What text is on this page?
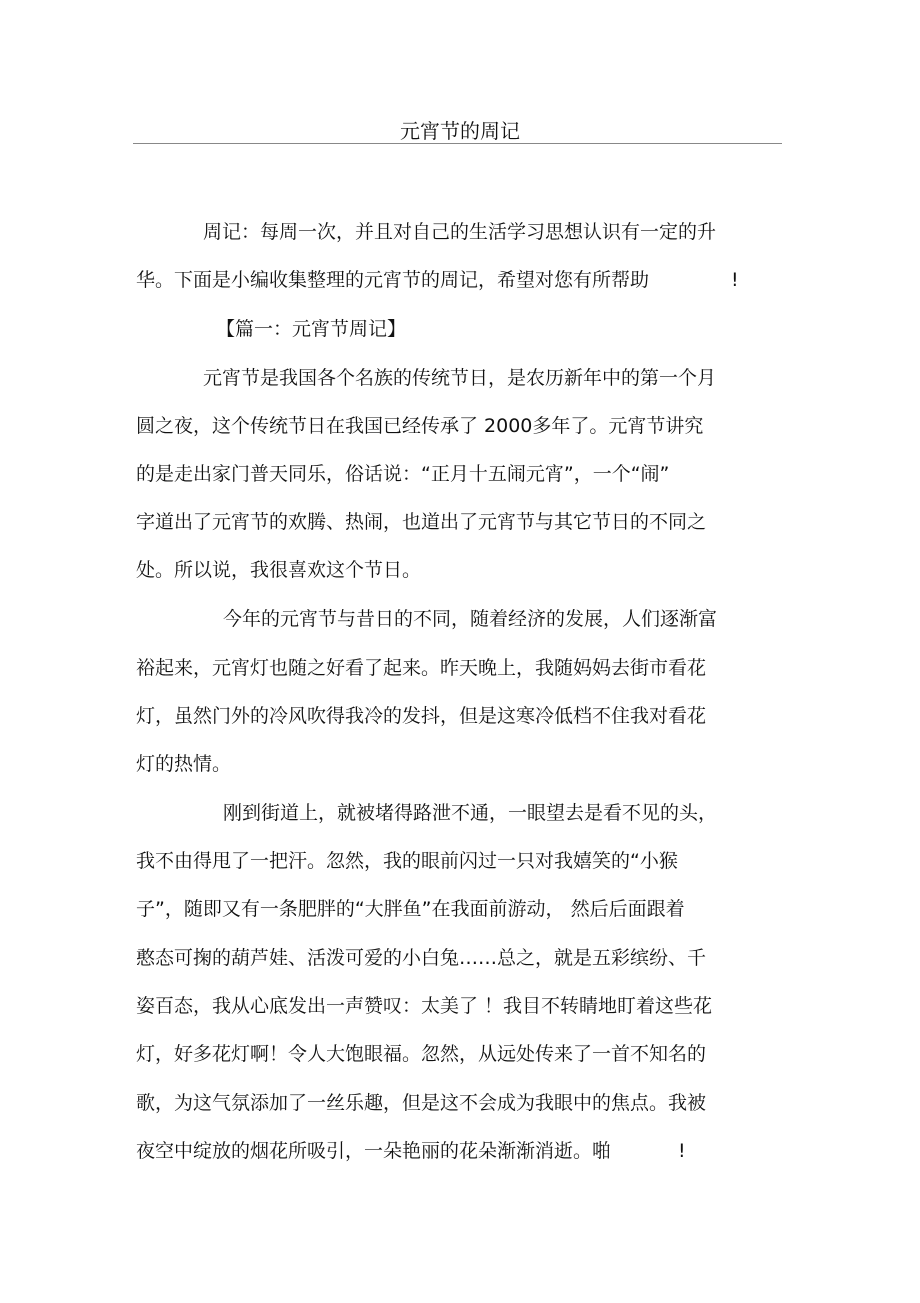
元宵节的周记
周记：每周一次，并且对自己的生活学习思想认识有一定的升
华。下面是小编收集整理的元宵节的周记，希望对您有所帮助	!
【篇一：元宵节周记】
元宵节是我国各个名族的传统节日，是农历新年中的第一个月
圆之夜，这个传统节日在我国已经传承了 2000多年了。元宵节讲究
的是走出家门普天同乐，俗话说：“正月十五闹元宵”，一个“闹”
字道出了元宵节的欢腾、热闹，也道出了元宵节与其它节日的不同之
处。所以说，我很喜欢这个节日。
今年的元宵节与昔日的不同，随着经济的发展，人们逐渐富
裕起来，元宵灯也随之好看了起来。昨天晚上，我随妈妈去街市看花
灯，虽然门外的冷风吹得我冷的发抖，但是这寒冷低档不住我对看花
灯的热情。
刚到街道上，就被堵得路泄不通，一眼望去是看不见的头，
我不由得甩了一把汗。忽然，我的眼前闪过一只对我嬉笑的“小猴
子”，随即又有一条肥胖的“大胖鱼”在我面前游动， 然后后面跟着
憨态可掬的葫芦娃、活泼可爱的小白兔……总之，就是五彩缤纷、千
姿百态，我从心底发出一声赞叹：太美了 ！我目不转睛地盯着这些花
灯，好多花灯啊！令人大饱眼福。忽然，从远处传来了一首不知名的
歌，为这气氛添加了一丝乐趣，但是这不会成为我眼中的焦点。我被
夜空中绽放的烟花所吸引，一朵艳丽的花朵渐渐消逝。啪	!
